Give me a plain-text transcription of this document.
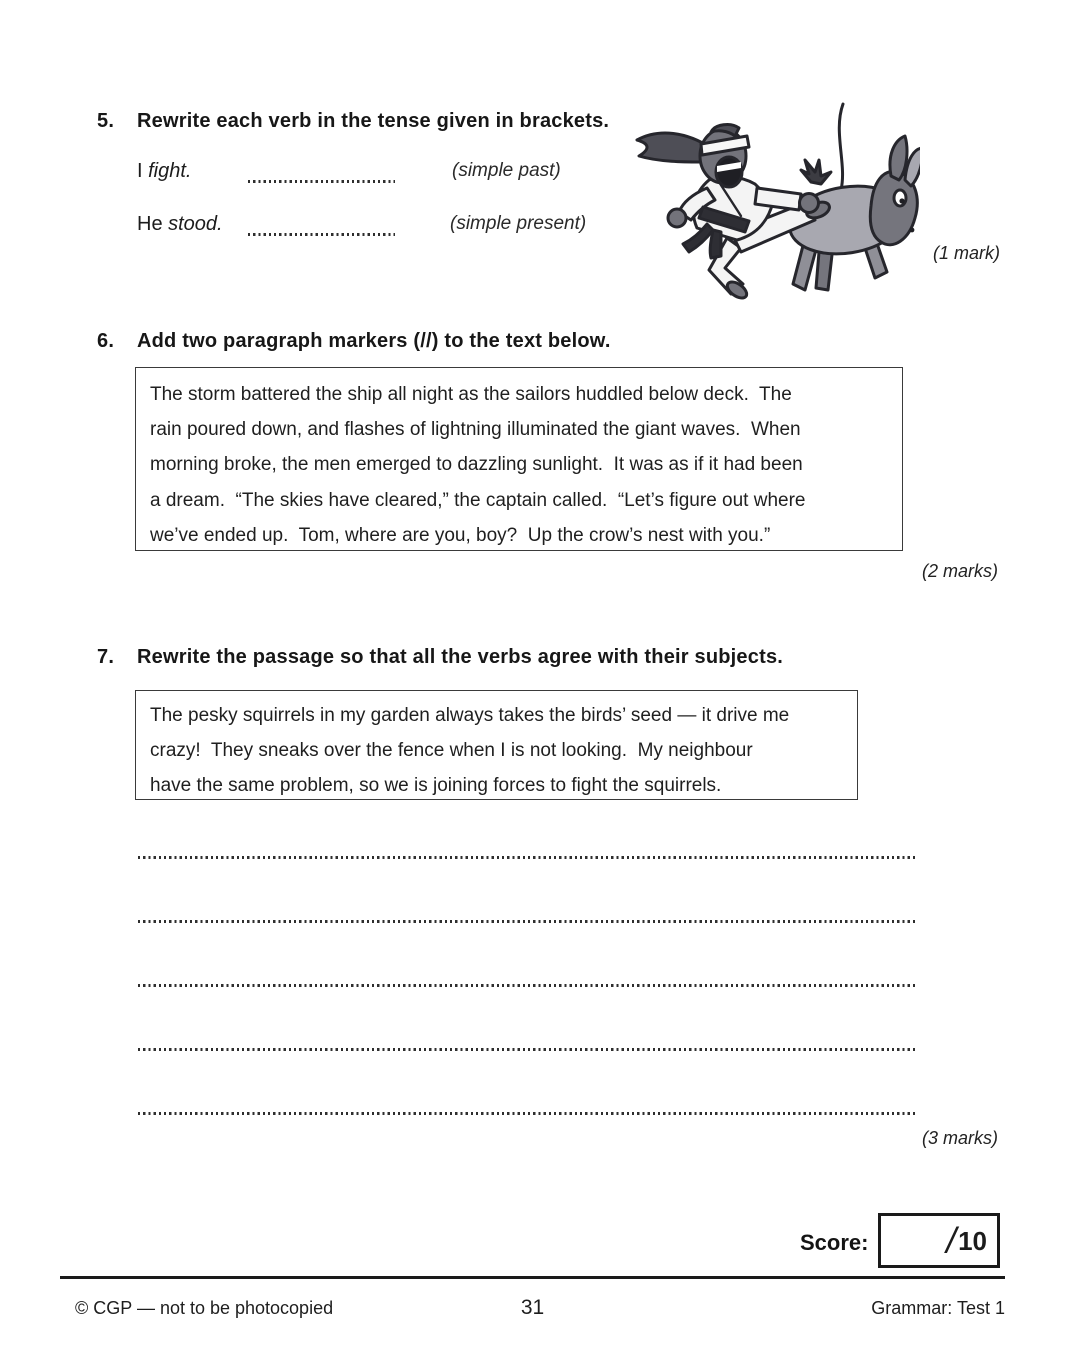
5. Rewrite each verb in the tense given in brackets.
I fight.	(simple past)
He stood.	(simple present)
(1 mark)
6. Add two paragraph markers (//) to the text below.
The storm battered the ship all night as the sailors huddled below deck.  The
rain poured down, and flashes of lightning illuminated the giant waves.  When
morning broke, the men emerged to dazzling sunlight.  It was as if it had been
a dream.  “The skies have cleared,” the captain called.  “Let’s figure out where
we’ve ended up.  Tom, where are you, boy?  Up the crow’s nest with you.”
(2 marks)
7. Rewrite the passage so that all the verbs agree with their subjects.
The pesky squirrels in my garden always takes the birds’ seed — it drive me
crazy!  They sneaks over the fence when I is not looking.  My neighbour
have the same problem, so we is joining forces to fight the squirrels.
(3 marks)
Score: / 10
© CGP — not to be photocopied	31	Grammar: Test 1
